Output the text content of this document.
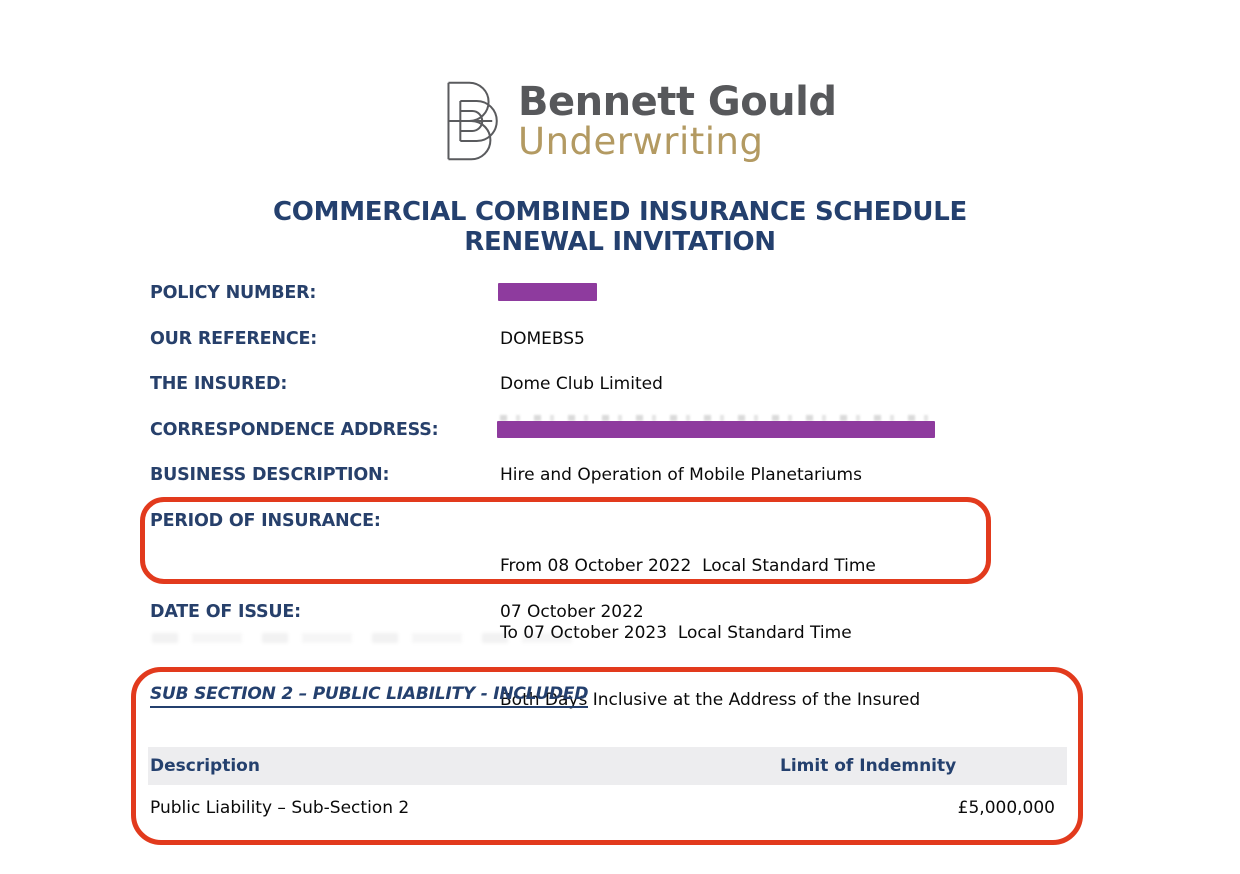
Bennett Gould
Underwriting
COMMERCIAL COMBINED INSURANCE SCHEDULE
RENEWAL INVITATION
POLICY NUMBER:
OUR REFERENCE:	DOMEBS5
THE INSURED:	Dome Club Limited
CORRESPONDENCE ADDRESS:
BUSINESS DESCRIPTION:	Hire and Operation of Mobile Planetariums
PERIOD OF INSURANCE:

From 08 October 2022  Local Standard Time

To 07 October 2023  Local Standard Time

Both Days Inclusive at the Address of the Insured

DATE OF ISSUE:	07 October 2022
SUB SECTION 2 – PUBLIC LIABILITY - INCLUDED
Description	Limit of Indemnity
Public Liability – Sub-Section 2	£5,000,000
